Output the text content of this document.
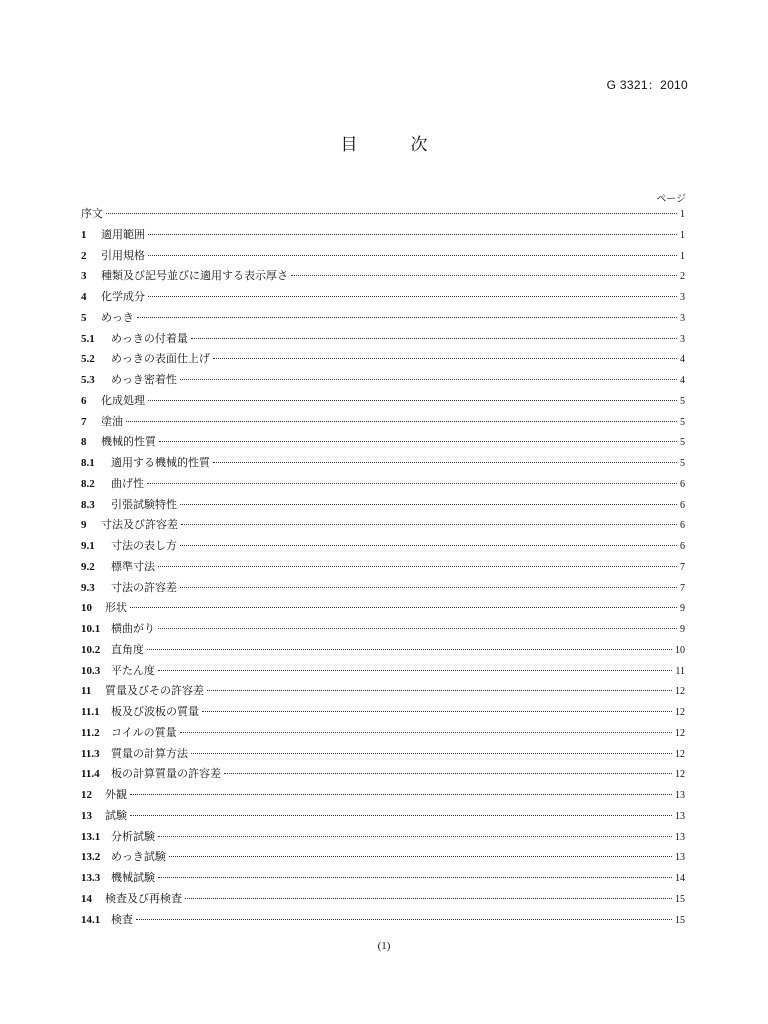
G 3321：2010
目　次
ページ
序文	1
1	適用範囲	1
2	引用規格	1
3	種類及び記号並びに適用する表示厚さ	2
4	化学成分	3
5	めっき	3
5.1	めっきの付着量	3
5.2	めっきの表面仕上げ	4
5.3	めっき密着性	4
6	化成処理	5
7	塗油	5
8	機械的性質	5
8.1	適用する機械的性質	5
8.2	曲げ性	6
8.3	引張試験特性	6
9	寸法及び許容差	6
9.1	寸法の表し方	6
9.2	標準寸法	7
9.3	寸法の許容差	7
10	形状	9
10.1 横曲がり	9
10.2 直角度	10
10.3 平たん度	11
11	質量及びその許容差	12
11.1	板及び波板の質量	12
11.2	コイルの質量	12
11.3	質量の計算方法	12
11.4	板の計算質量の許容差	12
12	外観	13
13	試験	13
13.1 分析試験	13
13.2 めっき試験	13
13.3 機械試験	14
14	検査及び再検査	15
14.1 検査	15
(1)
